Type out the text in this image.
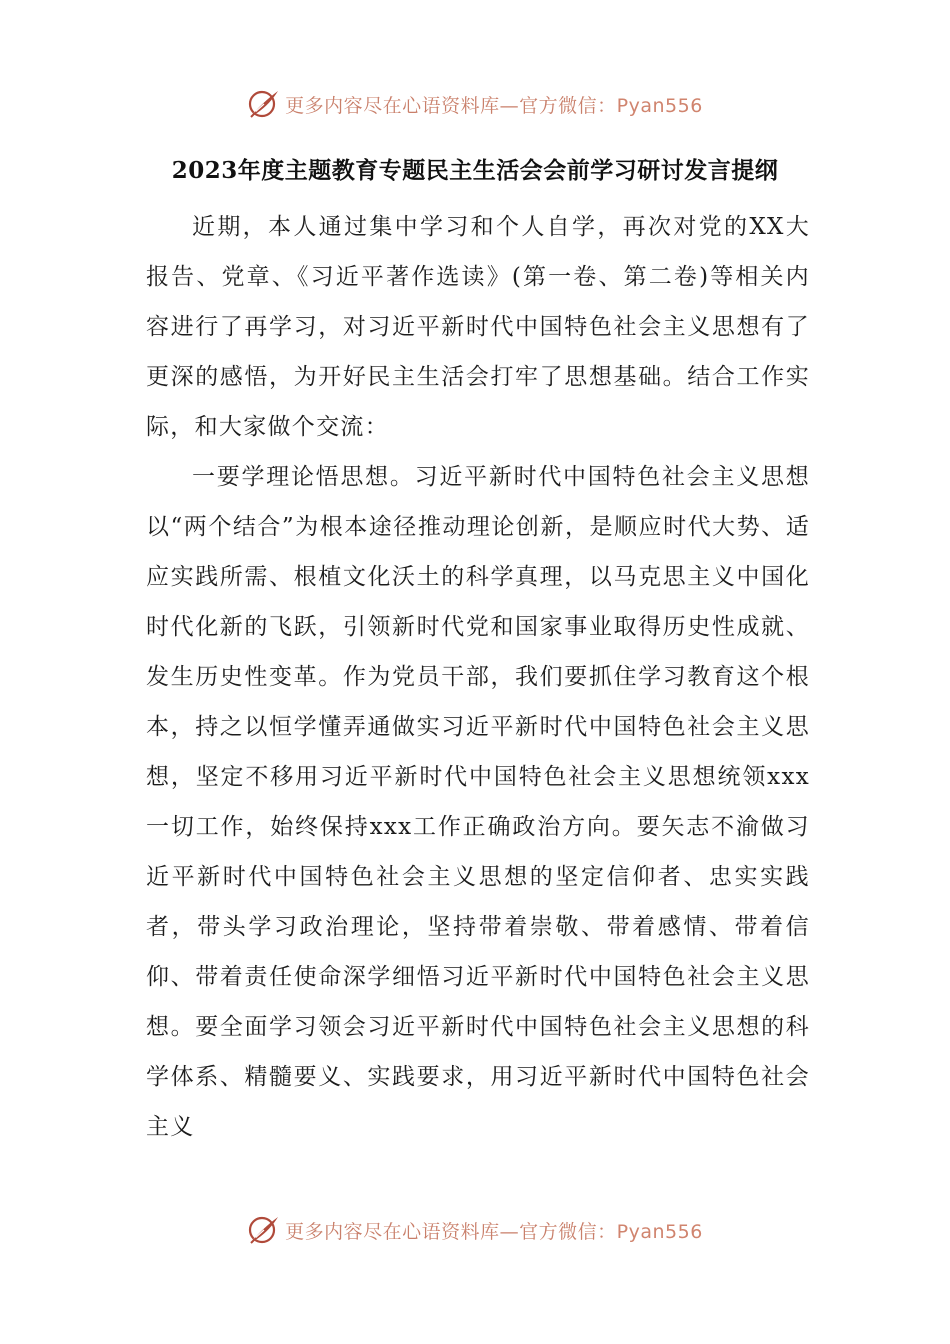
更多内容尽在心语资料库—官方微信：Pyan556
2023年度主题教育专题民主生活会会前学习研讨发言提纲

近期，本人通过集中学习和个人自学，再次对党的XX大报告、党章、《习近平著作选读》(第一卷、第二卷)等相关内容进行了再学习，对习近平新时代中国特色社会主义思想有了更深的感悟，为开好民主生活会打牢了思想基础。结合工作实际，和大家做个交流：

一要学理论悟思想。习近平新时代中国特色社会主义思想以“两个结合”为根本途径推动理论创新，是顺应时代大势、适应实践所需、根植文化沃土的科学真理，以马克思主义中国化时代化新的飞跃，引领新时代党和国家事业取得历史性成就、发生历史性变革。作为党员干部，我们要抓住学习教育这个根本，持之以恒学懂弄通做实习近平新时代中国特色社会主义思想，坚定不移用习近平新时代中国特色社会主义思想统领xxx一切工作，始终保持xxx工作正确政治方向。要矢志不渝做习近平新时代中国特色社会主义思想的坚定信仰者、忠实实践者，带头学习政治理论，坚持带着崇敬、带着感情、带着信仰、带着责任使命深学细悟习近平新时代中国特色社会主义思想。要全面学习领会习近平新时代中国特色社会主义思想的科学体系、精髓要义、实践要求，用习近平新时代中国特色社会主义

更多内容尽在心语资料库—官方微信：Pyan556
